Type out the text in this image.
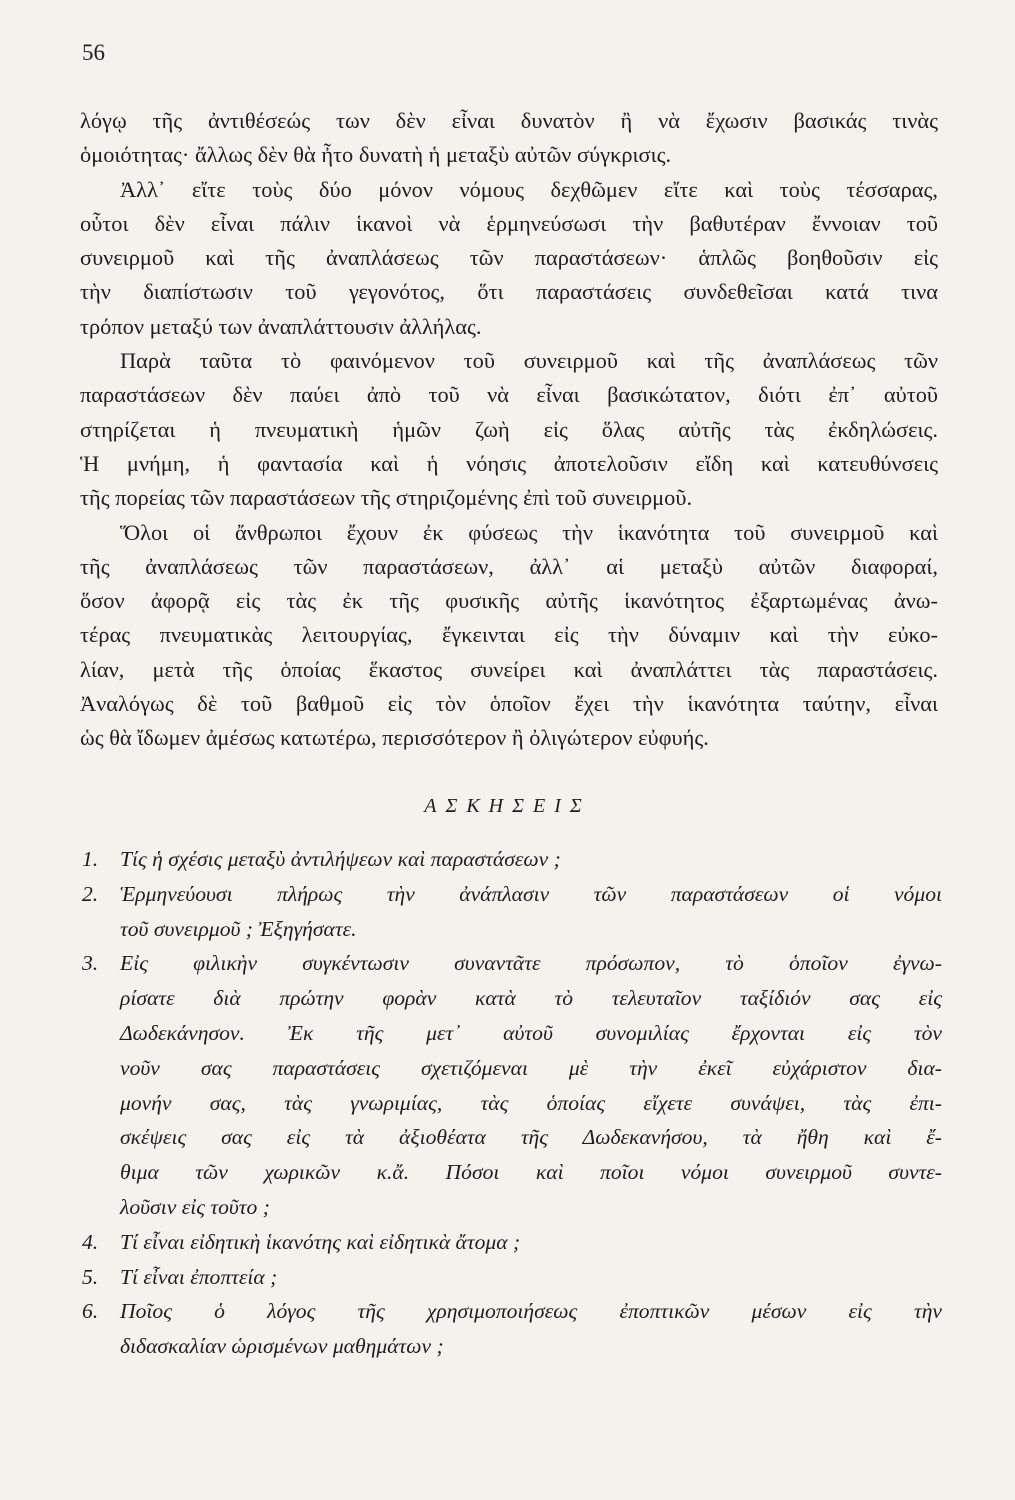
56
λόγῳ τῆς ἀντιθέσεώς των δὲν εἶναι δυνατὸν ἢ νὰ ἔχωσιν βασικάς τινὰς
ὁμοιότητας· ἄλλως δὲν θὰ ἦτο δυνατὴ ἡ μεταξὺ αὐτῶν σύγκρισις.
Ἀλλ᾽ εἴτε τοὺς δύο μόνον νόμους δεχθῶμεν εἴτε καὶ τοὺς τέσσαρας,
οὗτοι δὲν εἶναι πάλιν ἱκανοὶ νὰ ἑρμηνεύσωσι τὴν βαθυτέραν ἔννοιαν τοῦ
συνειρμοῦ καὶ τῆς ἀναπλάσεως τῶν παραστάσεων· ἁπλῶς βοηθοῦσιν εἰς
τὴν διαπίστωσιν τοῦ γεγονότος, ὅτι παραστάσεις συνδεθεῖσαι κατά τινα
τρόπον μεταξύ των ἀναπλάττουσιν ἀλλήλας.
Παρὰ ταῦτα τὸ φαινόμενον τοῦ συνειρμοῦ καὶ τῆς ἀναπλάσεως τῶν
παραστάσεων δὲν παύει ἀπὸ τοῦ νὰ εἶναι βασικώτατον, διότι ἐπ᾽ αὐτοῦ
στηρίζεται ἡ πνευματικὴ ἡμῶν ζωὴ εἰς ὅλας αὐτῆς τὰς ἐκδηλώσεις.
Ἡ μνήμη, ἡ φαντασία καὶ ἡ νόησις ἀποτελοῦσιν εἴδη καὶ κατευθύνσεις
τῆς πορείας τῶν παραστάσεων τῆς στηριζομένης ἐπὶ τοῦ συνειρμοῦ.
Ὅλοι οἱ ἄνθρωποι ἔχουν ἐκ φύσεως τὴν ἱκανότητα τοῦ συνειρμοῦ καὶ
τῆς ἀναπλάσεως τῶν παραστάσεων, ἀλλ᾽ αἱ μεταξὺ αὐτῶν διαφοραί,
ὅσον ἀφορᾷ εἰς τὰς ἐκ τῆς φυσικῆς αὐτῆς ἱκανότητος ἐξαρτωμένας ἀνω-
τέρας πνευματικὰς λειτουργίας, ἔγκεινται εἰς τὴν δύναμιν καὶ τὴν εὐκο-
λίαν, μετὰ τῆς ὁποίας ἕκαστος συνείρει καὶ ἀναπλάττει τὰς παραστάσεις.
Ἀναλόγως δὲ τοῦ βαθμοῦ εἰς τὸν ὁποῖον ἔχει τὴν ἱκανότητα ταύτην, εἶναι
ὡς θὰ ἴδωμεν ἀμέσως κατωτέρω, περισσότερον ἢ ὀλιγώτερον εὐφυής.
ΑΣΚΗΣΕΙΣ
1.	Τίς ἡ σχέσις μεταξὺ ἀντιλήψεων καὶ παραστάσεων ;
2.	Ἑρμηνεύουσι πλήρως τὴν ἀνάπλασιν τῶν παραστάσεων οἱ νόμοι
τοῦ συνειρμοῦ ; Ἐξηγήσατε.
3.	Εἰς φιλικὴν συγκέντωσιν συναντᾶτε πρόσωπον, τὸ ὁποῖον ἐγνω-
ρίσατε διὰ πρώτην φορὰν κατὰ τὸ τελευταῖον ταξίδιόν σας εἰς
Δωδεκάνησον. Ἐκ τῆς μετ᾽ αὐτοῦ συνομιλίας ἔρχονται εἰς τὸν
νοῦν σας παραστάσεις σχετιζόμεναι μὲ τὴν ἐκεῖ εὐχάριστον δια-
μονήν σας, τὰς γνωριμίας, τὰς ὁποίας εἴχετε συνάψει, τὰς ἐπι-
σκέψεις σας εἰς τὰ ἀξιοθέατα τῆς Δωδεκανήσου, τὰ ἤθη καὶ ἔ-
θιμα τῶν χωρικῶν κ.ἄ. Πόσοι καὶ ποῖοι νόμοι συνειρμοῦ συντε-
λοῦσιν εἰς τοῦτο ;
4.	Τί εἶναι εἰδητικὴ ἱκανότης καὶ εἰδητικὰ ἄτομα ;
5.	Τί εἶναι ἐποπτεία ;
6.	Ποῖος ὁ λόγος τῆς χρησιμοποιήσεως ἐποπτικῶν μέσων εἰς τὴν
διδασκαλίαν ὡρισμένων μαθημάτων ;
